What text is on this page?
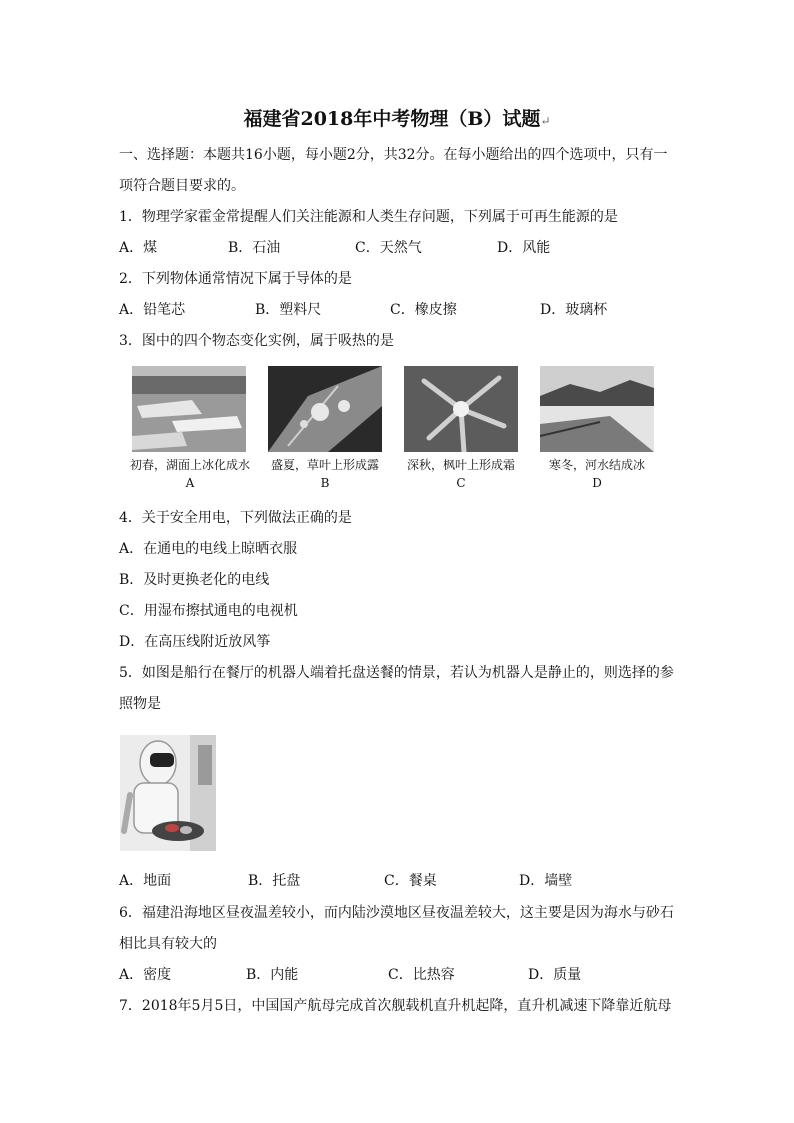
福建省2018年中考物理（B）试题↵
一、选择题：本题共16小题，每小题2分，共32分。在每小题给出的四个选项中，只有一
项符合题目要求的。
1．物理学家霍金常提醒人们关注能源和人类生存问题，下列属于可再生能源的是
A．煤	B．石油	C．天然气	D．风能
2．下列物体通常情况下属于导体的是
A．铅笔芯	B．塑料尺	C．橡皮擦	D．玻璃杯
3．图中的四个物态变化实例，属于吸热的是
初春，湖面上冰化成水	盛夏，草叶上形成露	深秋，枫叶上形成霜	寒冬，河水结成冰
A	B	C	D
4．关于安全用电，下列做法正确的是
A．在通电的电线上晾晒衣服
B．及时更换老化的电线
C．用湿布擦拭通电的电视机
D．在高压线附近放风筝
5．如图是船行在餐厅的机器人端着托盘送餐的情景，若认为机器人是静止的，则选择的参
照物是
A．地面	B．托盘	C．餐桌	D．墙壁
6．福建沿海地区昼夜温差较小，而内陆沙漠地区昼夜温差较大，这主要是因为海水与砂石
相比具有较大的
A．密度	B．内能	C．比热容	D．质量
7．2018年5月5日，中国国产航母完成首次舰载机直升机起降，直升机减速下降靠近航母
